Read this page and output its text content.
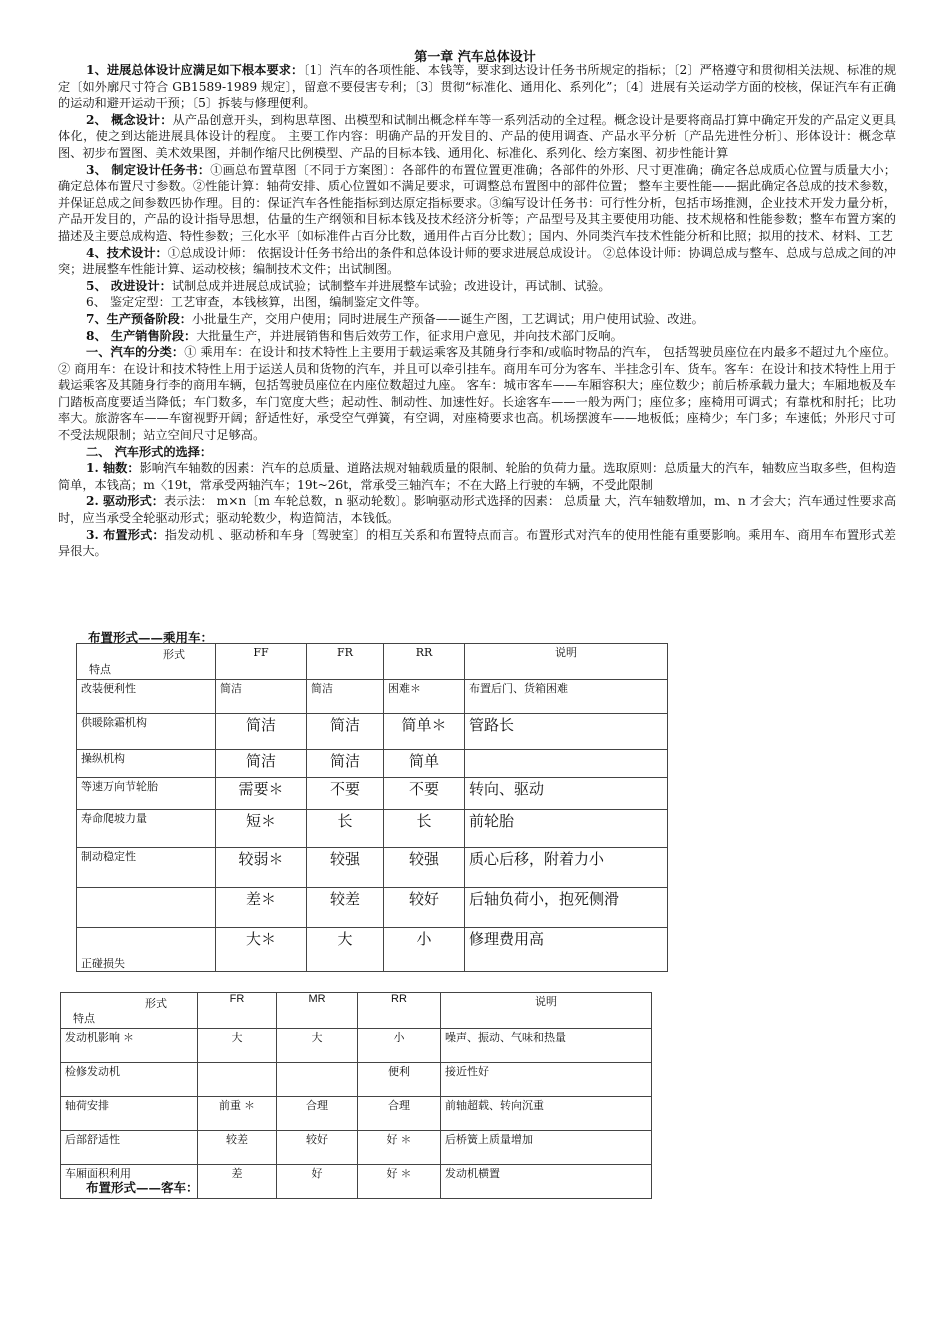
第一章 汽车总体设计

1、进展总体设计应满足如下根本要求：〔1〕汽车的各项性能、本钱等，要求到达设计任务书所规定的指标；〔2〕严格遵守和贯彻相关法规、标准的规定〔如外廓尺寸符合 GB1589-1989 规定〕，留意不要侵害专利；〔3〕贯彻“标准化、通用化、系列化”；〔4〕进展有关运动学方面的校核，保证汽车有正确的运动和避开运动干预；〔5〕拆装与修理便利。

2、 概念设计：从产品创意开头，到构思草图、出模型和试制出概念样车等一系列活动的全过程。概念设计是要将商品打算中确定开发的产品定义更具体化，使之到达能进展具体设计的程度。 主要工作内容：明确产品的开发目的、产品的使用调查、产品水平分析〔产品先进性分析〕、形体设计：概念草图、初步布置图、美术效果图，并制作缩尺比例模型、产品的目标本钱、通用化、标准化、系列化、绘方案图、初步性能计算

3、 制定设计任务书：①画总布置草图〔不同于方案图〕：各部件的布置位置更准确；各部件的外形、尺寸更准确；确定各总成质心位置与质量大小；确定总体布置尺寸参数。②性能计算：轴荷安排、质心位置如不满足要求，可调整总布置图中的部件位置； 整车主要性能——据此确定各总成的技术参数，并保证总成之间参数匹协作理。目的：保证汽车各性能指标到达原定指标要求。③编写设计任务书：可行性分析，包括市场推测，企业技术开发力量分析，产品开发目的，产品的设计指导思想，估量的生产纲领和目标本钱及技术经济分析等；产品型号及其主要使用功能、技术规格和性能参数；整车布置方案的描述及主要总成构造、特性参数；三化水平〔如标准件占百分比数，通用件占百分比数〕；国内、外同类汽车技术性能分析和比照；拟用的技术、材料、工艺

4、技术设计：①总成设计师： 依据设计任务书给出的条件和总体设计师的要求进展总成设计。 ②总体设计师：协调总成与整车、总成与总成之间的冲突；进展整车性能计算、运动校核；编制技术文件；出试制图。

5、 改进设计：试制总成并进展总成试验；试制整车并进展整车试验；改进设计，再试制、试验。

6、 鉴定定型：工艺审查，本钱核算，出图，编制鉴定文件等。

7、生产预备阶段：小批量生产，交用户使用；同时进展生产预备——诞生产图，工艺调试；用户使用试验、改进。

8、 生产销售阶段：大批量生产，并进展销售和售后效劳工作，征求用户意见，并向技术部门反响。

一、汽车的分类：① 乘用车：在设计和技术特性上主要用于载运乘客及其随身行李和/或临时物品的汽车， 包括驾驶员座位在内最多不超过九个座位。② 商用车：在设计和技术特性上用于运送人员和货物的汽车，并且可以牵引挂车。商用车可分为客车、半挂念引车、货车。客车：在设计和技术特性上用于载运乘客及其随身行李的商用车辆，包括驾驶员座位在内座位数超过九座。 客车：城市客车——车厢容积大；座位数少；前后桥承载力量大；车厢地板及车门踏板高度要适当降低；车门数多，车门宽度大些；起动性、制动性、加速性好。长途客车——一般为两门；座位多；座椅用可调式；有靠枕和肘托；比功率大。旅游客车——车窗视野开阔；舒适性好，承受空气弹簧，有空调，对座椅要求也高。机场摆渡车——地板低；座椅少；车门多；车速低；外形尺寸可不受法规限制；站立空间尺寸足够高。

二、 汽车形式的选择：

1. 轴数：影响汽车轴数的因素：汽车的总质量、道路法规对轴载质量的限制、轮胎的负荷力量。选取原则：总质量大的汽车，轴数应当取多些，但构造简单，本钱高；m〈19t，常承受两轴汽车；19t~26t，常承受三轴汽车；不在大路上行驶的车辆，不受此限制

2. 驱动形式：表示法： m×n〔m 车轮总数，n 驱动轮数〕。影响驱动形式选择的因素： 总质量 大，汽车轴数增加，m、n 才会大；汽车通过性要求高时，应当承受全轮驱动形式；驱动轮数少，构造简洁，本钱低。

3. 布置形式：指发动机 、驱动桥和车身〔驾驶室〕的相互关系和布置特点而言。布置形式对汽车的使用性能有重要影响。乘用车、商用车布置形式差异很大。

布置形式——乘用车：
形式
特点	FF	FR	RR	说明
改装便利性	简洁	简洁	困难＊	布置后门、货箱困难
供暖除霜机构	简洁	简洁	简单＊	管路长
操纵机构	简洁	简洁	简单	
等速万向节轮胎	需要＊	不要	不要	转向、驱动
寿命爬坡力量	短＊	长	长	前轮胎
制动稳定性	较弱＊	较强	较强	质心后移，附着力小
	差＊	较差	较好	后轴负荷小，抱死侧滑
正碰损失	大＊	大	小	修理费用高
形式
特点	FR	MR	RR	说明
发动机影响 ＊	大	大	小	噪声、振动、气味和热量
检修发动机			便利	接近性好
轴荷安排	前重 ＊	合理	合理	前轴超载、转向沉重
后部舒适性	较差	较好	好 ＊	后桥簧上质量增加
车厢面积利用	差	好	好 ＊	发动机横置
布置形式——客车：
